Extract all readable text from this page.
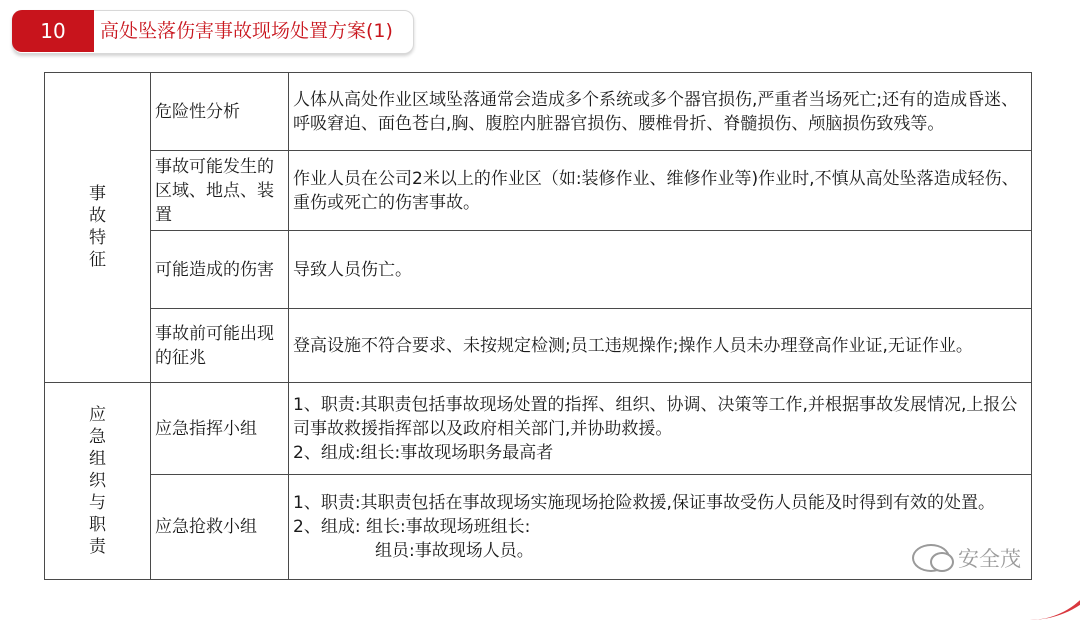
10	高处坠落伤害事故现场处置方案(1)
事故特征	危险性分析	人体从高处作业区域坠落通常会造成多个系统或多个器官损伤,严重者当场死亡;还有的造成昏迷、呼吸窘迫、面色苍白,胸、腹腔内脏器官损伤、腰椎骨折、脊髓损伤、颅脑损伤致残等。

	事故可能发生的区域、地点、装置	作业人员在公司2米以上的作业区（如:装修作业、维修作业等)作业时,不慎从高处坠落造成轻伤、重伤或死亡的伤害事故。

	可能造成的伤害	导致人员伤亡。

	事故前可能出现的征兆	登高设施不符合要求、未按规定检测;员工违规操作;操作人员未办理登高作业证,无证作业。

应急组织与职责	应急指挥小组	1、职责:其职责包括事故现场处置的指挥、组织、协调、决策等工作,并根据事故发展情况,上报公司事故救援指挥部以及政府相关部门,并协助救援。
2、组成:组长:事故现场职务最高者

	应急抢救小组	1、职责:其职责包括在事故现场实施现场抢险救援,保证事故受伤人员能及时得到有效的处置。
2、组成: 组长:事故现场班组长:
组员:事故现场人员。	安全茂
